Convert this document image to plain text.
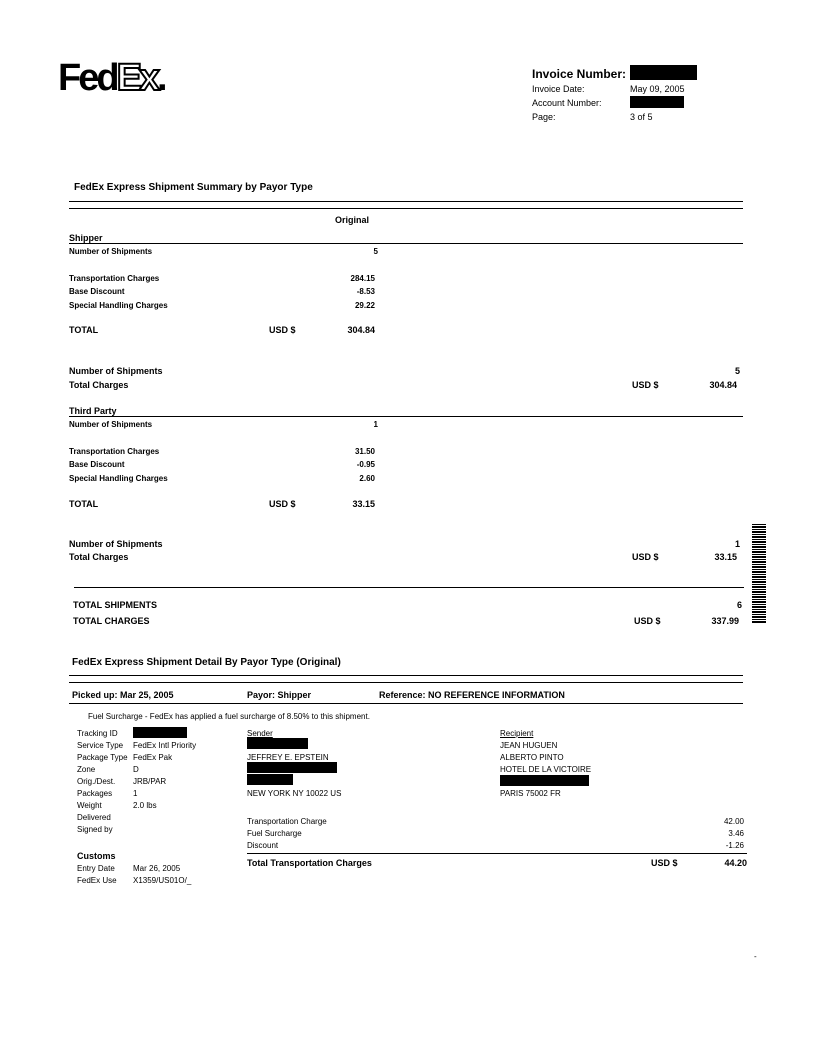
FedEx.	Invoice Number:
Invoice Date:	May 09, 2005
Account Number:
Page:	3 of 5
FedEx Express Shipment Summary by Payor Type
Original
Shipper
Number of Shipments	5
Transportation Charges	284.15
Base Discount	-8.53
Special Handling Charges	29.22
TOTAL	USD $	304.84
Number of Shipments	5
Total Charges	USD $	304.84
Third Party
Number of Shipments	1
Transportation Charges	31.50
Base Discount	-0.95
Special Handling Charges	2.60
TOTAL	USD $	33.15
Number of Shipments	1
Total Charges	USD $	33.15
TOTAL SHIPMENTS	6
TOTAL CHARGES	USD $	337.99
FedEx Express Shipment Detail By Payor Type (Original)
Picked up: Mar 25, 2005	Payor: Shipper	Reference: NO REFERENCE INFORMATION
Fuel Surcharge - FedEx has applied a fuel surcharge of 8.50% to this shipment.
Tracking ID
Service Type FedEx Intl Priority
Package Type FedEx Pak
Zone	D
Orig./Dest. JRB/PAR
Packages	1
Weight	2.0 lbs
Delivered
Signed by
Customs
Entry Date Mar 26, 2005
FedEx Use X1359/US01O/_
Sender
JEFFREY E. EPSTEIN
NEW YORK NY 10022 US
Recipient
JEAN HUGUEN
ALBERTO PINTO
HOTEL DE LA VICTOIRE
PARIS 75002 FR
Transportation Charge	42.00
Fuel Surcharge	3.46
Discount	-1.26
Total Transportation Charges	USD $	44.20
-
